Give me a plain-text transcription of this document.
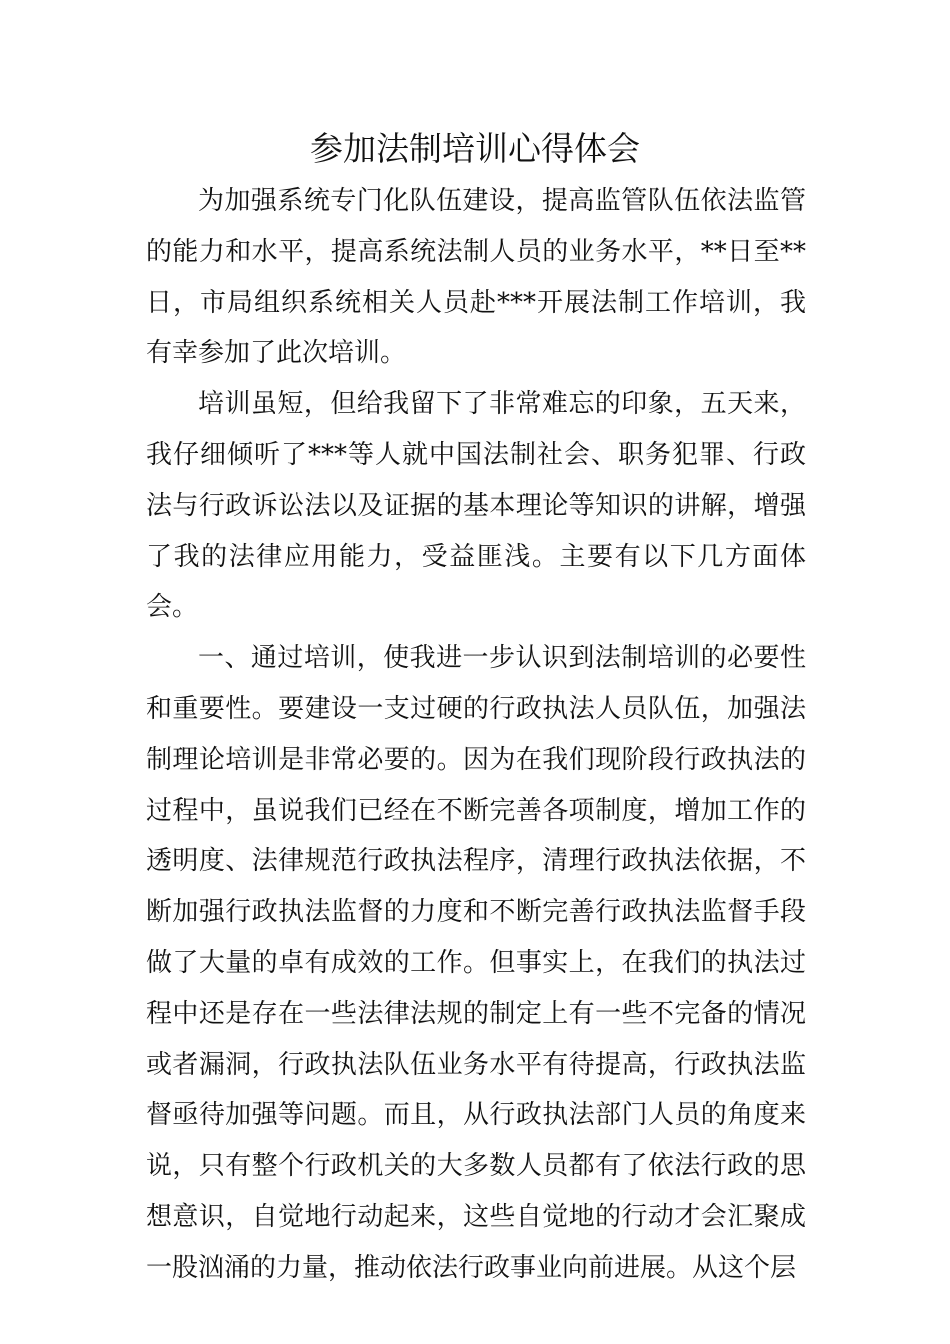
参加法制培训心得体会

为加强系统专门化队伍建设，提高监管队伍依法监管的能力和水平，提高系统法制人员的业务水平，**日至**日，市局组织系统相关人员赴***开展法制工作培训，我有幸参加了此次培训。

培训虽短，但给我留下了非常难忘的印象，五天来，我仔细倾听了***等人就中国法制社会、职务犯罪、行政法与行政诉讼法以及证据的基本理论等知识的讲解，增强了我的法律应用能力，受益匪浅。主要有以下几方面体会。

一、通过培训，使我进一步认识到法制培训的必要性和重要性。要建设一支过硬的行政执法人员队伍，加强法制理论培训是非常必要的。因为在我们现阶段行政执法的过程中，虽说我们已经在不断完善各项制度，增加工作的透明度、法律规范行政执法程序，清理行政执法依据，不断加强行政执法监督的力度和不断完善行政执法监督手段做了大量的卓有成效的工作。但事实上，在我们的执法过程中还是存在一些法律法规的制定上有一些不完备的情况或者漏洞，行政执法队伍业务水平有待提高，行政执法监督亟待加强等问题。而且，从行政执法部门人员的角度来说，只有整个行政机关的大多数人员都有了依法行政的思想意识，自觉地行动起来，这些自觉地的行动才会汇聚成一股汹涌的力量，推动依法行政事业向前进展。从这个层
